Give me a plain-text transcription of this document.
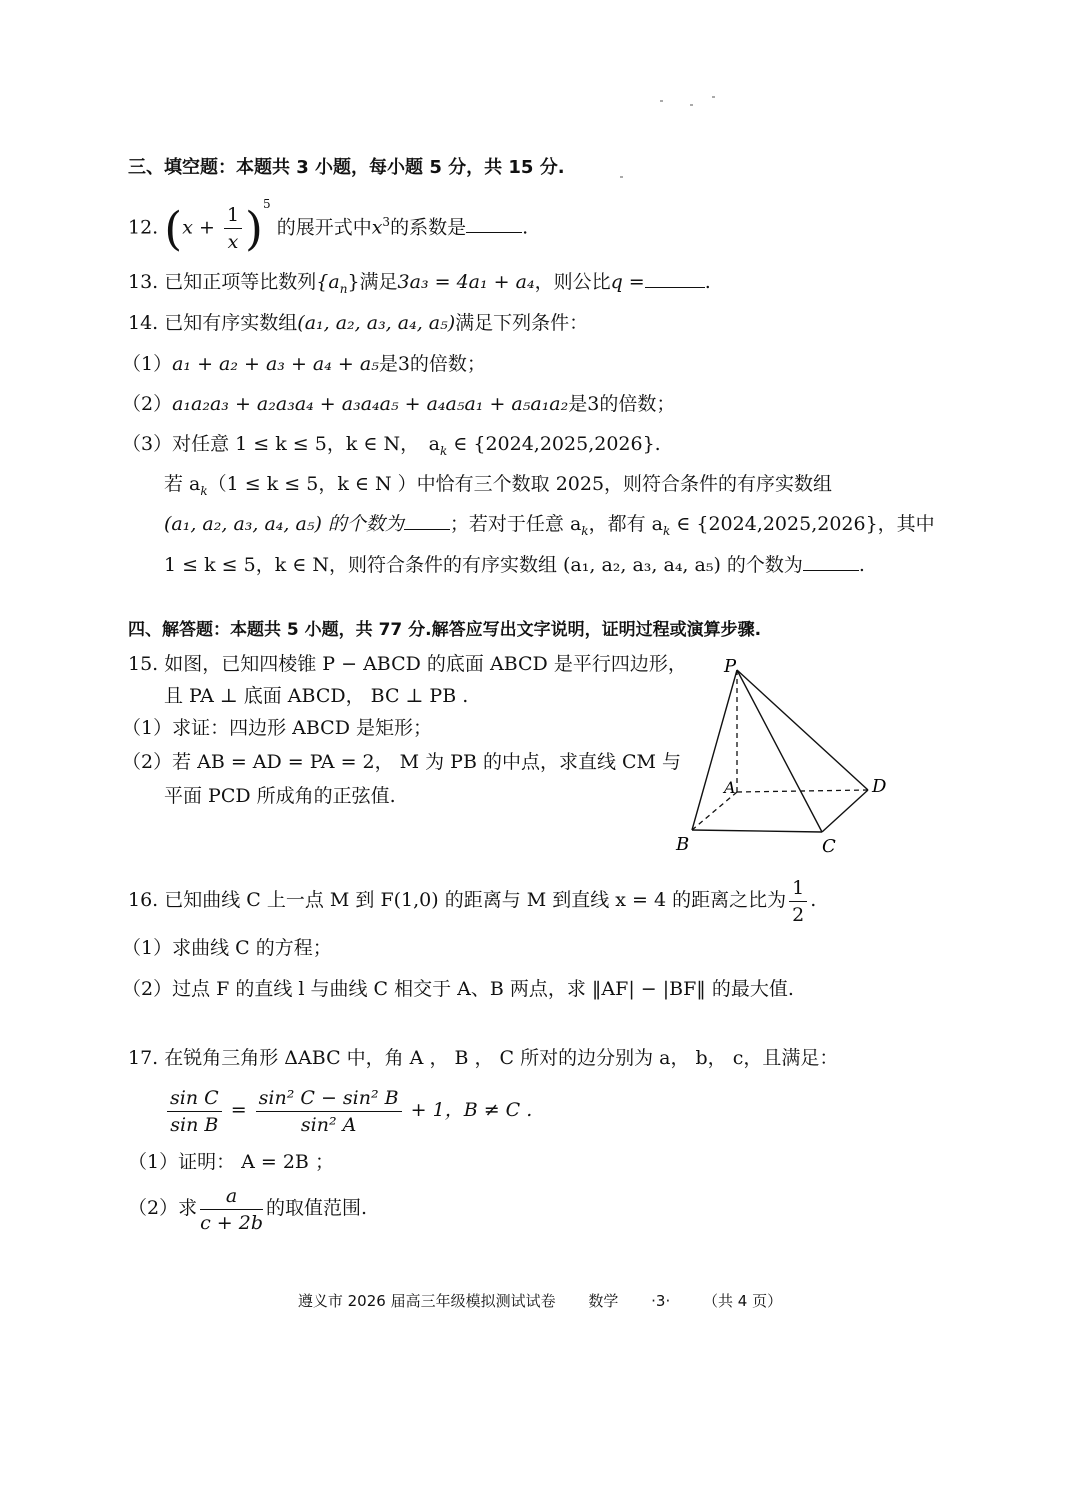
三、填空题：本题共 3 小题，每小题 5 分，共 15 分.
12. $(x + \frac{1}{x} )^5$ 的展开式中$x^3$的系数是	.
13. 已知正项等比数列$\{a_n\}$满足3a₃ = 4a₁ + a₄，则公比q =	.
14. 已知有序实数组(a₁, a₂, a₃, a₄, a₅)满足下列条件：
（1）a₁ + a₂ + a₃ + a₄ + a₅是3的倍数；
（2）a₁a₂a₃ + a₂a₃a₄ + a₃a₄a₅ + a₄a₅a₁ + a₅a₁a₂是3的倍数；
（3）对任意 1 ≤ k ≤ 5，k ∈ N，　$a_k$ ∈ {2024,2025,2026}.
若 $a_k(1 \le k \le 5$，k ∈ N ）中恰有三个数取 2025，则符合条件的有序实数组
(a₁, a₂, a₃, a₄, a₅) 的个数为 ；若对于任意 $a_k$，都有 $a_k$ ∈ {2024,2025,2026}，其中
1 ≤ k ≤ 5，k ∈ N，则符合条件的有序实数组 (a₁, a₂, a₃, a₄, a₅) 的个数为	.
四、解答题：本题共 5 小题，共 77 分.解答应写出文字说明，证明过程或演算步骤.
15. 如图，已知四棱锥 P − ABCD 的底面 ABCD 是平行四边形，
且 PA ⊥ 底面 ABCD， BC ⊥ PB .
（1）求证：四边形 ABCD 是矩形；
（2）若 AB = AD = PA = 2， M 为 PB 的中点，求直线 CM 与
平面 PCD 所成角的正弦值.
P
A
B	C
D
16. 已知曲线 C 上一点 M 到 F(1,0) 的距离与 M 到直线 x = 4 的距离之比为 $\frac{1}{2}$ .
（1）求曲线 C 的方程；
（2）过点 F 的直线 l 与曲线 C 相交于 A、B 两点，求 ‖AF| − |BF‖ 的最大值.
17. 在锐角三角形 ΔABC 中，角 A ， B ， C 所对的边分别为 a， b， c，且满足：
$\frac{\text{sin C}}{\text{sin B}} = \frac{\text{sin² C − sin² B}}{\text{sin² A}} + 1$，B ≠ C .
（1）证明： A = 2B ；
（2）求 $\frac{a}{c + 2b}$ 的取值范围.
遵义市 2026 届高三年级模拟测试试卷 数学 ·3· （共 4 页）
